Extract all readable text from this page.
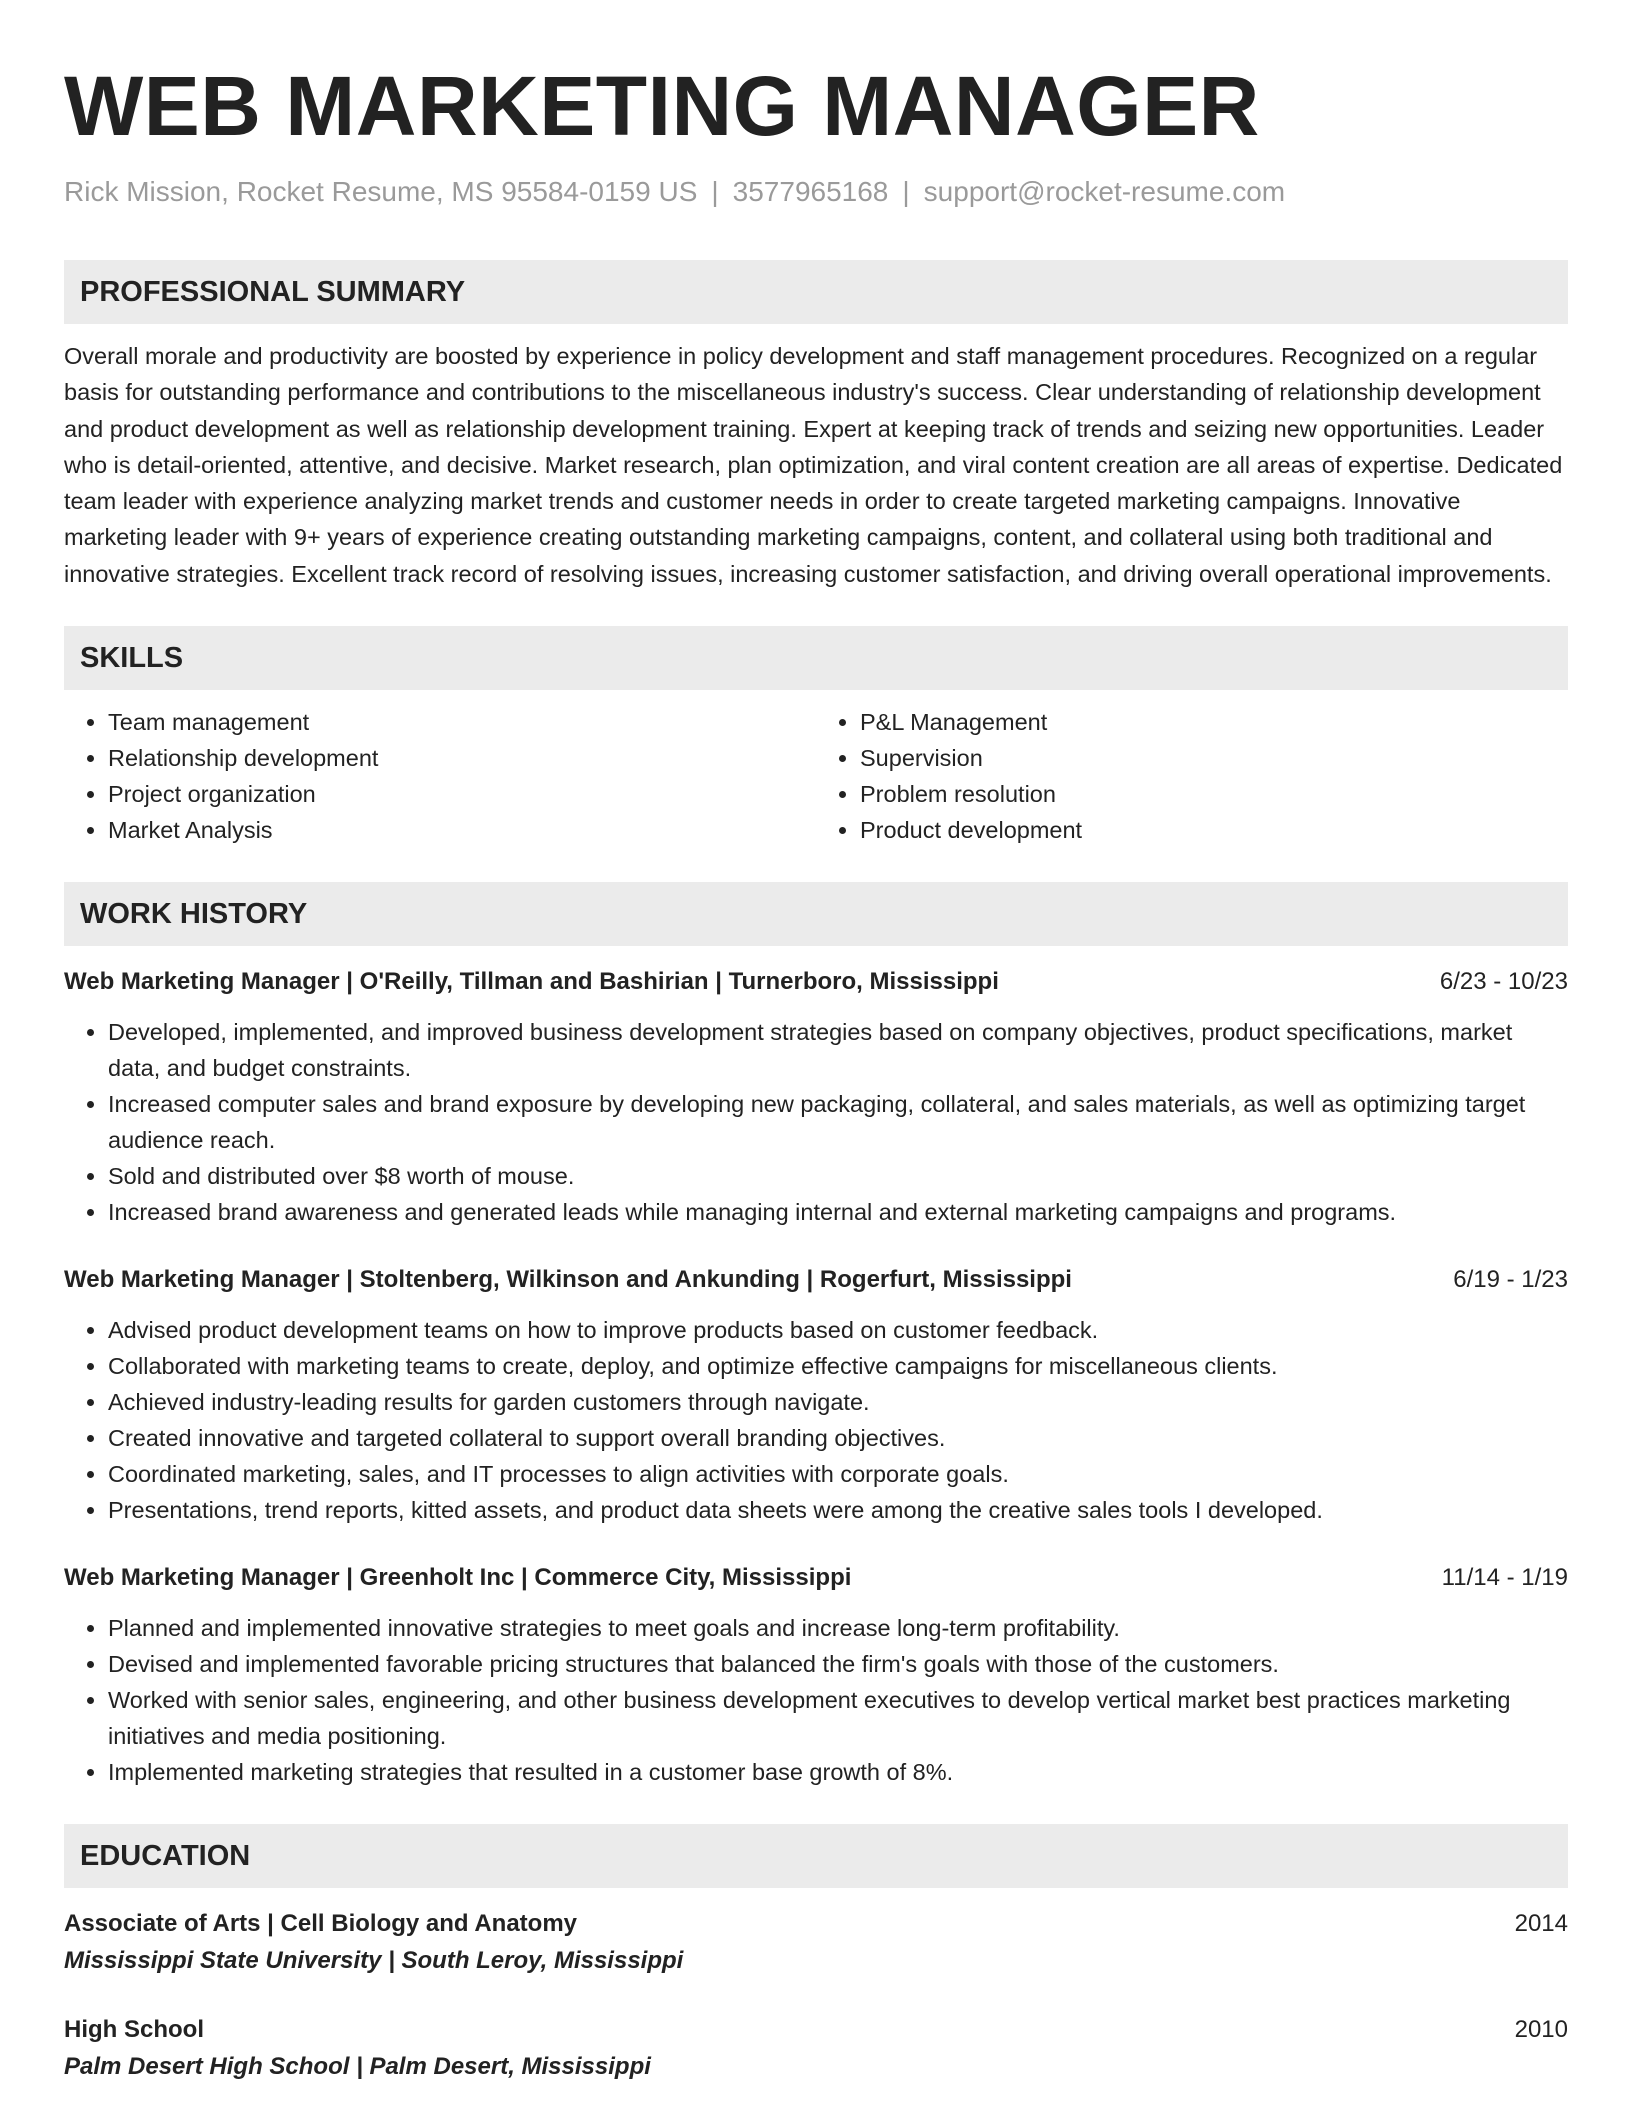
WEB MARKETING MANAGER
Rick Mission, Rocket Resume, MS 95584-0159 US | 3577965168 | support@rocket-resume.com
PROFESSIONAL SUMMARY
Overall morale and productivity are boosted by experience in policy development and staff management procedures. Recognized on a regular basis for outstanding performance and contributions to the miscellaneous industry's success. Clear understanding of relationship development and product development as well as relationship development training. Expert at keeping track of trends and seizing new opportunities. Leader who is detail-oriented, attentive, and decisive. Market research, plan optimization, and viral content creation are all areas of expertise. Dedicated team leader with experience analyzing market trends and customer needs in order to create targeted marketing campaigns. Innovative marketing leader with 9+ years of experience creating outstanding marketing campaigns, content, and collateral using both traditional and innovative strategies. Excellent track record of resolving issues, increasing customer satisfaction, and driving overall operational improvements.
SKILLS
• Team management
• Relationship development
• Project organization
• Market Analysis
• P&L Management
• Supervision
• Problem resolution
• Product development
WORK HISTORY
Web Marketing Manager | O'Reilly, Tillman and Bashirian | Turnerboro, Mississippi	6/23 - 10/23
• Developed, implemented, and improved business development strategies based on company objectives, product specifications, market data, and budget constraints.
• Increased computer sales and brand exposure by developing new packaging, collateral, and sales materials, as well as optimizing target audience reach.
• Sold and distributed over $8 worth of mouse.
• Increased brand awareness and generated leads while managing internal and external marketing campaigns and programs.
Web Marketing Manager | Stoltenberg, Wilkinson and Ankunding | Rogerfurt, Mississippi	6/19 - 1/23
• Advised product development teams on how to improve products based on customer feedback.
• Collaborated with marketing teams to create, deploy, and optimize effective campaigns for miscellaneous clients.
• Achieved industry-leading results for garden customers through navigate.
• Created innovative and targeted collateral to support overall branding objectives.
• Coordinated marketing, sales, and IT processes to align activities with corporate goals.
• Presentations, trend reports, kitted assets, and product data sheets were among the creative sales tools I developed.
Web Marketing Manager | Greenholt Inc | Commerce City, Mississippi	11/14 - 1/19
• Planned and implemented innovative strategies to meet goals and increase long-term profitability.
• Devised and implemented favorable pricing structures that balanced the firm's goals with those of the customers.
• Worked with senior sales, engineering, and other business development executives to develop vertical market best practices marketing initiatives and media positioning.
• Implemented marketing strategies that resulted in a customer base growth of 8%.
EDUCATION
Associate of Arts | Cell Biology and Anatomy	2014
Mississippi State University | South Leroy, Mississippi
High School	2010
Palm Desert High School | Palm Desert, Mississippi
